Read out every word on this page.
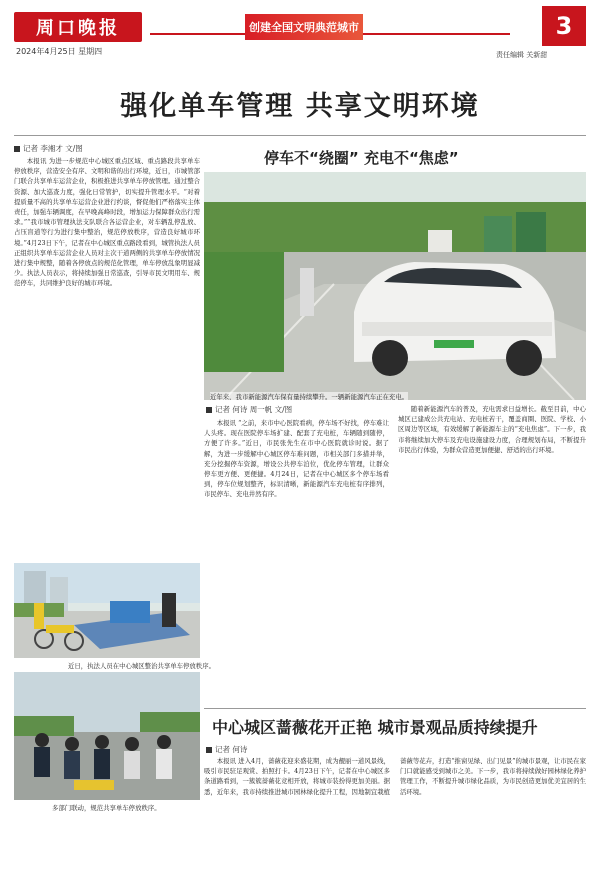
周口晚报
2024年4月25日 星期四
创建全国文明典范城市	3
责任编辑 关新甜
强化单车管理 共享文明环境
记者 李湘才 文/图

本报讯 为进一步规范中心城区重点区域、重点路段共享单车停放秩序，营造安全有序、文明和谐的出行环境，近日，市城管部门联合共享单车运营企业，积极推进共享单车停放管理。通过整合资源、加大巡查力度，强化日常管护，切实提升管理水平。“对着提质量不高的共享单车运营企业进行约谈，督促他们严格落实主体责任，加强车辆调度，在早晚高峰时段，增加运力保障群众出行需求。”“我市城市管理执法支队联合各运营企业，对车辆乱停乱放、占压盲道等行为进行集中整治，规范停放秩序，营造良好城市环境。”4月23日下午，记者在中心城区重点路段看到，城管执法人员正组织共享单车运营企业人员对主次干道两侧的共享单车停放情况进行集中规整，随着各停放点的规范化管理，单车停放乱象明显减少。执法人员表示，将持续加强日常巡查，引导市民文明用车、规范停车，共同维护良好的城市环境。

近日，执法人员在中心城区整治共享单车停放秩序。
多部门联动，规范共享单车停放秩序。
停车不“绕圈” 充电不“焦虑”
近年来，我市新能源汽车保有量持续攀升。一辆新能源汽车正在充电。
记者 何诗 周一帆 文/图

本报讯 “之前，来市中心医院看病，停车场不好找，停车难让人头疼。现在医院停车场扩建、配套了充电桩，车辆随到随停，方便了许多。”近日，市民张先生在市中心医院就诊时说。据了解，为进一步缓解中心城区停车难问题，市相关部门多措并举，充分挖掘停车资源，增设公共停车泊位，优化停车管理，让群众停车更方便、更便捷。4月24日，记者在中心城区多个停车场看到，停车位规划整齐，标识清晰，新能源汽车充电桩有序排列，市民停车、充电井然有序。

随着新能源汽车的普及，充电需求日益增长。截至目前，中心城区已建成公共充电站、充电桩若干，覆盖商圈、医院、学校、小区周边等区域，有效缓解了新能源车主的“充电焦虑”。下一步，我市将继续加大停车及充电设施建设力度，合理规划布局，不断提升市民出行体验，为群众营造更加便捷、舒适的出行环境。

中心城区蔷薇花开正艳 城市景观品质持续提升
记者 何诗

本报讯 进入4月，蔷薇花迎来盛花期，成为靓丽一道风景线，吸引市民驻足观赏、拍照打卡。4月23日下午，记者在中心城区多条道路看到，一簇簇蔷薇花竞相开放，将城市装扮得更加美丽。据悉，近年来，我市持续推进城市园林绿化提升工程，因地制宜栽植蔷薇等花卉，打造“推窗见绿、出门见景”的城市景观，让市民在家门口就能感受到城市之美。下一步，我市将持续做好园林绿化养护管理工作，不断提升城市绿化品质，为市民创造更加优美宜居的生活环境。
